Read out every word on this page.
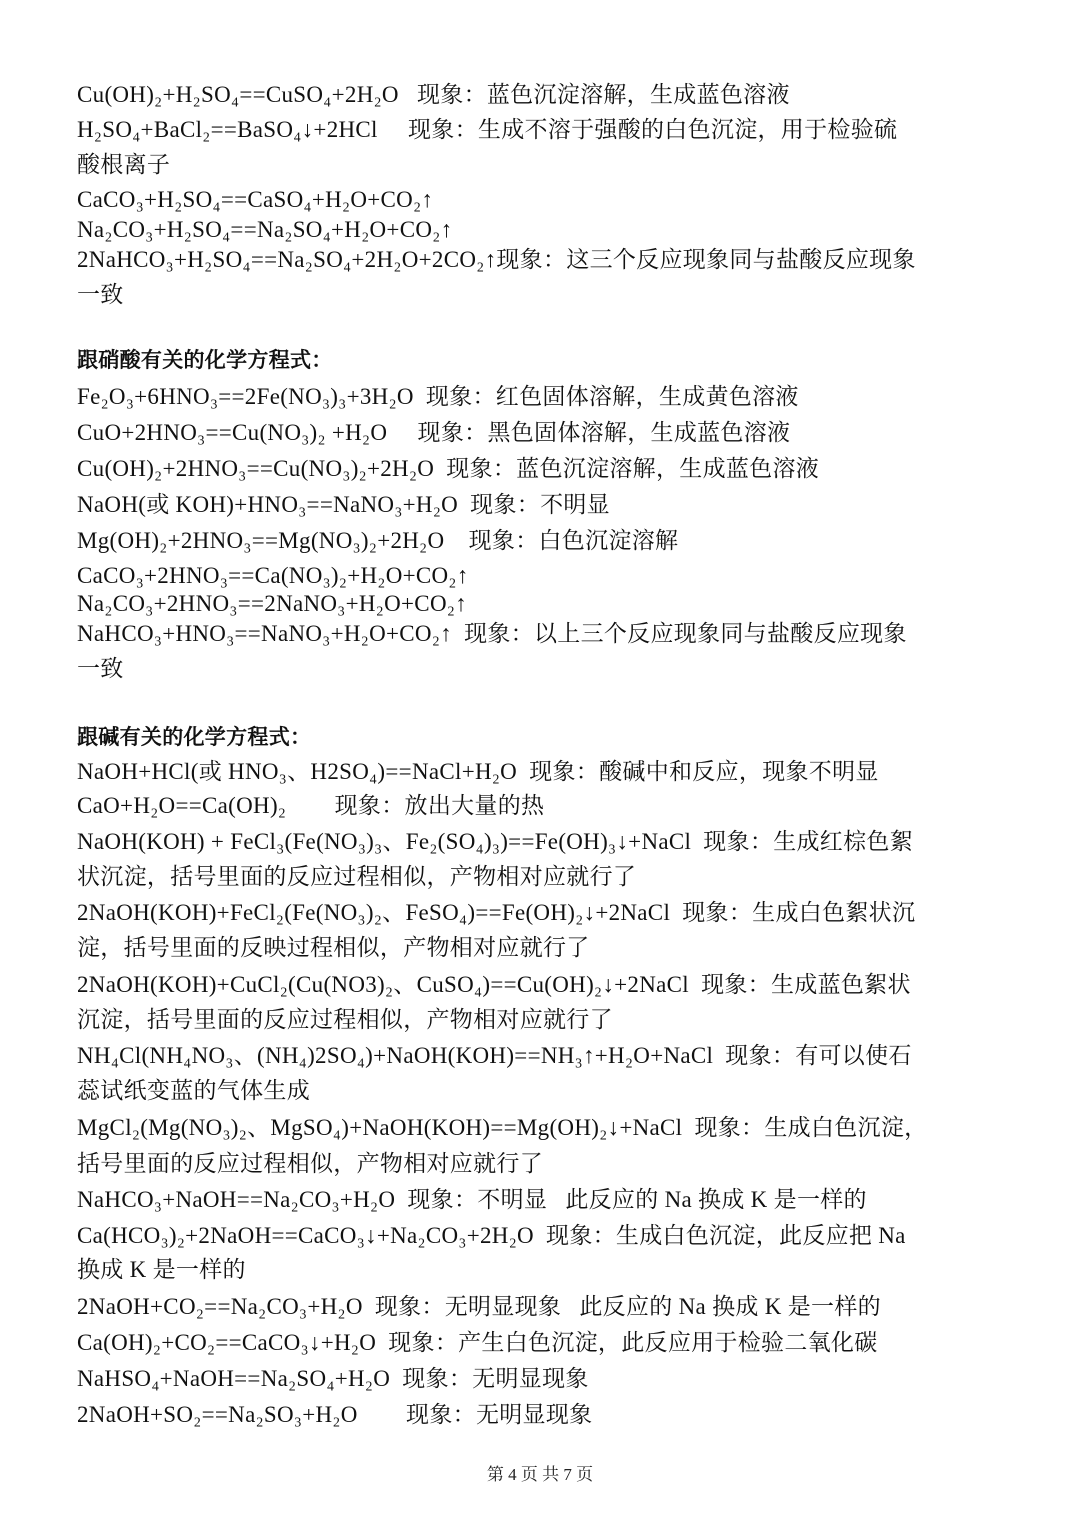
Cu(OH)₂+H₂SO₄==CuSO₄+2H₂O   现象：蓝色沉淀溶解，生成蓝色溶液
H₂SO₄+BaCl₂==BaSO₄↓+2HCl     现象：生成不溶于强酸的白色沉淀，用于检验硫
酸根离子
CaCO₃+H₂SO₄==CaSO₄+H₂O+CO₂↑
Na₂CO₃+H₂SO₄==Na₂SO₄+H₂O+CO₂↑
2NaHCO₃+H₂SO₄==Na₂SO₄+2H₂O+2CO₂↑现象：这三个反应现象同与盐酸反应现象
一致
跟硝酸有关的化学方程式：
Fe₂O₃+6HNO₃==2Fe(NO₃)₃+3H₂O  现象：红色固体溶解，生成黄色溶液
CuO+2HNO₃==Cu(NO₃)₂ +H₂O     现象：黑色固体溶解，生成蓝色溶液
Cu(OH)₂+2HNO₃==Cu(NO₃)₂+2H₂O  现象：蓝色沉淀溶解，生成蓝色溶液
NaOH(或 KOH)+HNO₃==NaNO₃+H₂O  现象：不明显
Mg(OH)₂+2HNO₃==Mg(NO₃)₂+2H₂O    现象：白色沉淀溶解
CaCO₃+2HNO₃==Ca(NO₃)₂+H₂O+CO₂↑
Na₂CO₃+2HNO₃==2NaNO₃+H₂O+CO₂↑
NaHCO₃+HNO₃==NaNO₃+H₂O+CO₂↑  现象：以上三个反应现象同与盐酸反应现象
一致
跟碱有关的化学方程式：
NaOH+HCl(或 HNO₃、H2SO₄)==NaCl+H₂O  现象：酸碱中和反应，现象不明显
CaO+H₂O==Ca(OH)₂        现象：放出大量的热
NaOH(KOH) + FeCl₃(Fe(NO₃)₃、Fe₂(SO₄)₃)==Fe(OH)₃↓+NaCl  现象：生成红棕色絮
状沉淀，括号里面的反应过程相似，产物相对应就行了
2NaOH(KOH)+FeCl₂(Fe(NO₃)₂、FeSO₄)==Fe(OH)₂↓+2NaCl  现象：生成白色絮状沉
淀，括号里面的反映过程相似，产物相对应就行了
2NaOH(KOH)+CuCl₂(Cu(NO3)₂、CuSO₄)==Cu(OH)₂↓+2NaCl  现象：生成蓝色絮状
沉淀，括号里面的反应过程相似，产物相对应就行了
NH₄Cl(NH₄NO₃、(NH₄)2SO₄)+NaOH(KOH)==NH₃↑+H₂O+NaCl  现象：有可以使石
蕊试纸变蓝的气体生成
MgCl₂(Mg(NO₃)₂、MgSO₄)+NaOH(KOH)==Mg(OH)₂↓+NaCl  现象：生成白色沉淀，
括号里面的反应过程相似，产物相对应就行了
NaHCO₃+NaOH==Na₂CO₃+H₂O  现象：不明显   此反应的 Na 换成 K 是一样的
Ca(HCO₃)₂+2NaOH==CaCO₃↓+Na₂CO₃+2H₂O  现象：生成白色沉淀，此反应把 Na
换成 K 是一样的
2NaOH+CO₂==Na₂CO₃+H₂O  现象：无明显现象   此反应的 Na 换成 K 是一样的
Ca(OH)₂+CO₂==CaCO₃↓+H₂O  现象：产生白色沉淀，此反应用于检验二氧化碳
NaHSO₄+NaOH==Na₂SO₄+H₂O  现象：无明显现象
2NaOH+SO₂==Na₂SO₃+H₂O        现象：无明显现象
第 4 页 共 7 页
